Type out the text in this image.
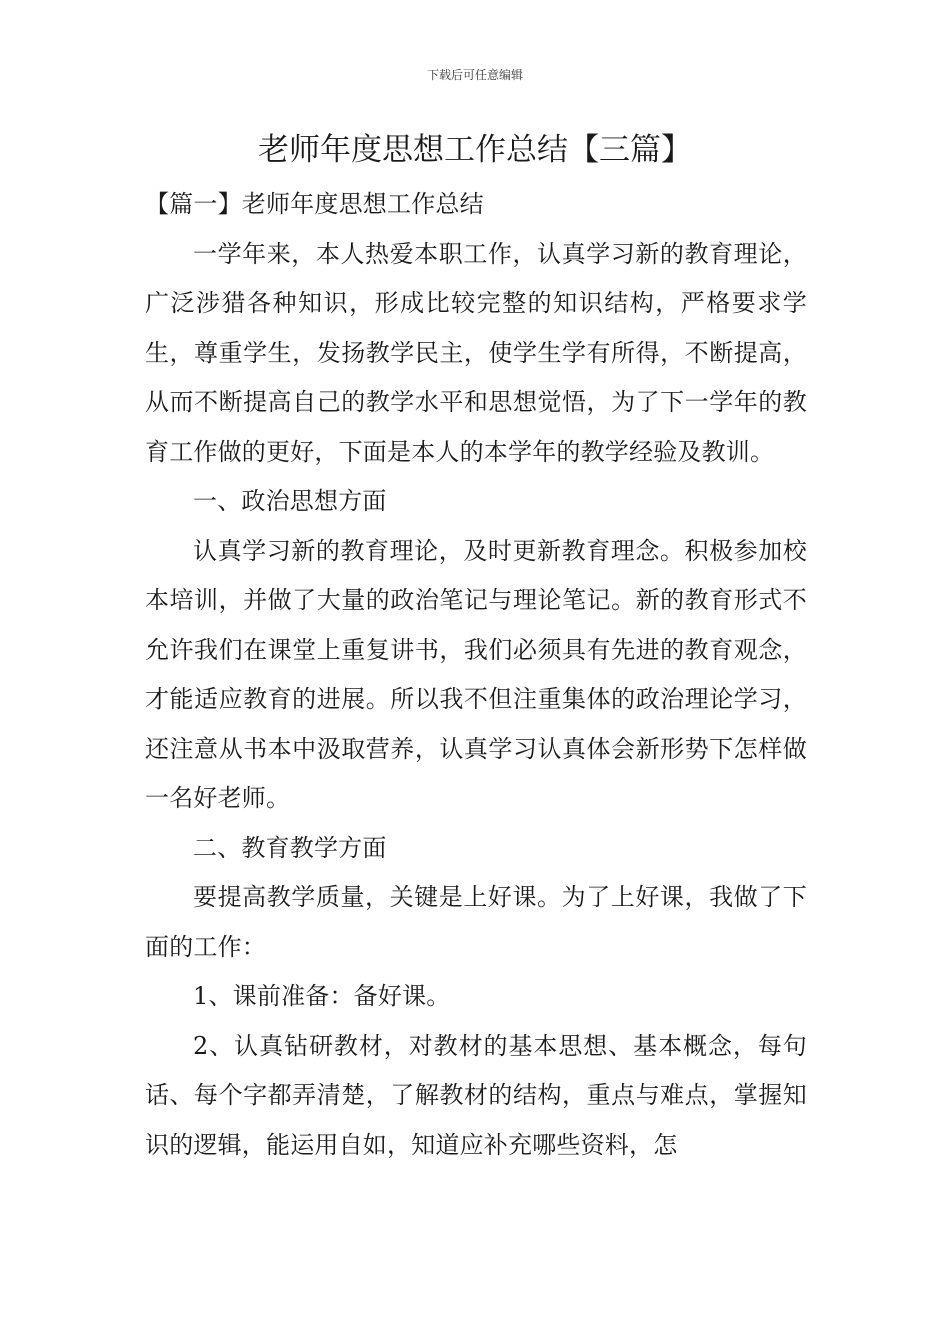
下载后可任意编辑
老师年度思想工作总结【三篇】

【篇一】老师年度思想工作总结

一学年来，本人热爱本职工作，认真学习新的教育理论，广泛涉猎各种知识，形成比较完整的知识结构，严格要求学生，尊重学生，发扬教学民主，使学生学有所得，不断提高，从而不断提高自己的教学水平和思想觉悟，为了下一学年的教育工作做的更好，下面是本人的本学年的教学经验及教训。

一、政治思想方面

认真学习新的教育理论，及时更新教育理念。积极参加校本培训，并做了大量的政治笔记与理论笔记。新的教育形式不允许我们在课堂上重复讲书，我们必须具有先进的教育观念，才能适应教育的进展。所以我不但注重集体的政治理论学习，还注意从书本中汲取营养，认真学习认真体会新形势下怎样做一名好老师。

二、教育教学方面

要提高教学质量，关键是上好课。为了上好课，我做了下面的工作：

1、课前准备：备好课。

2、认真钻研教材，对教材的基本思想、基本概念，每句话、每个字都弄清楚，了解教材的结构，重点与难点，掌握知识的逻辑，能运用自如，知道应补充哪些资料，怎
